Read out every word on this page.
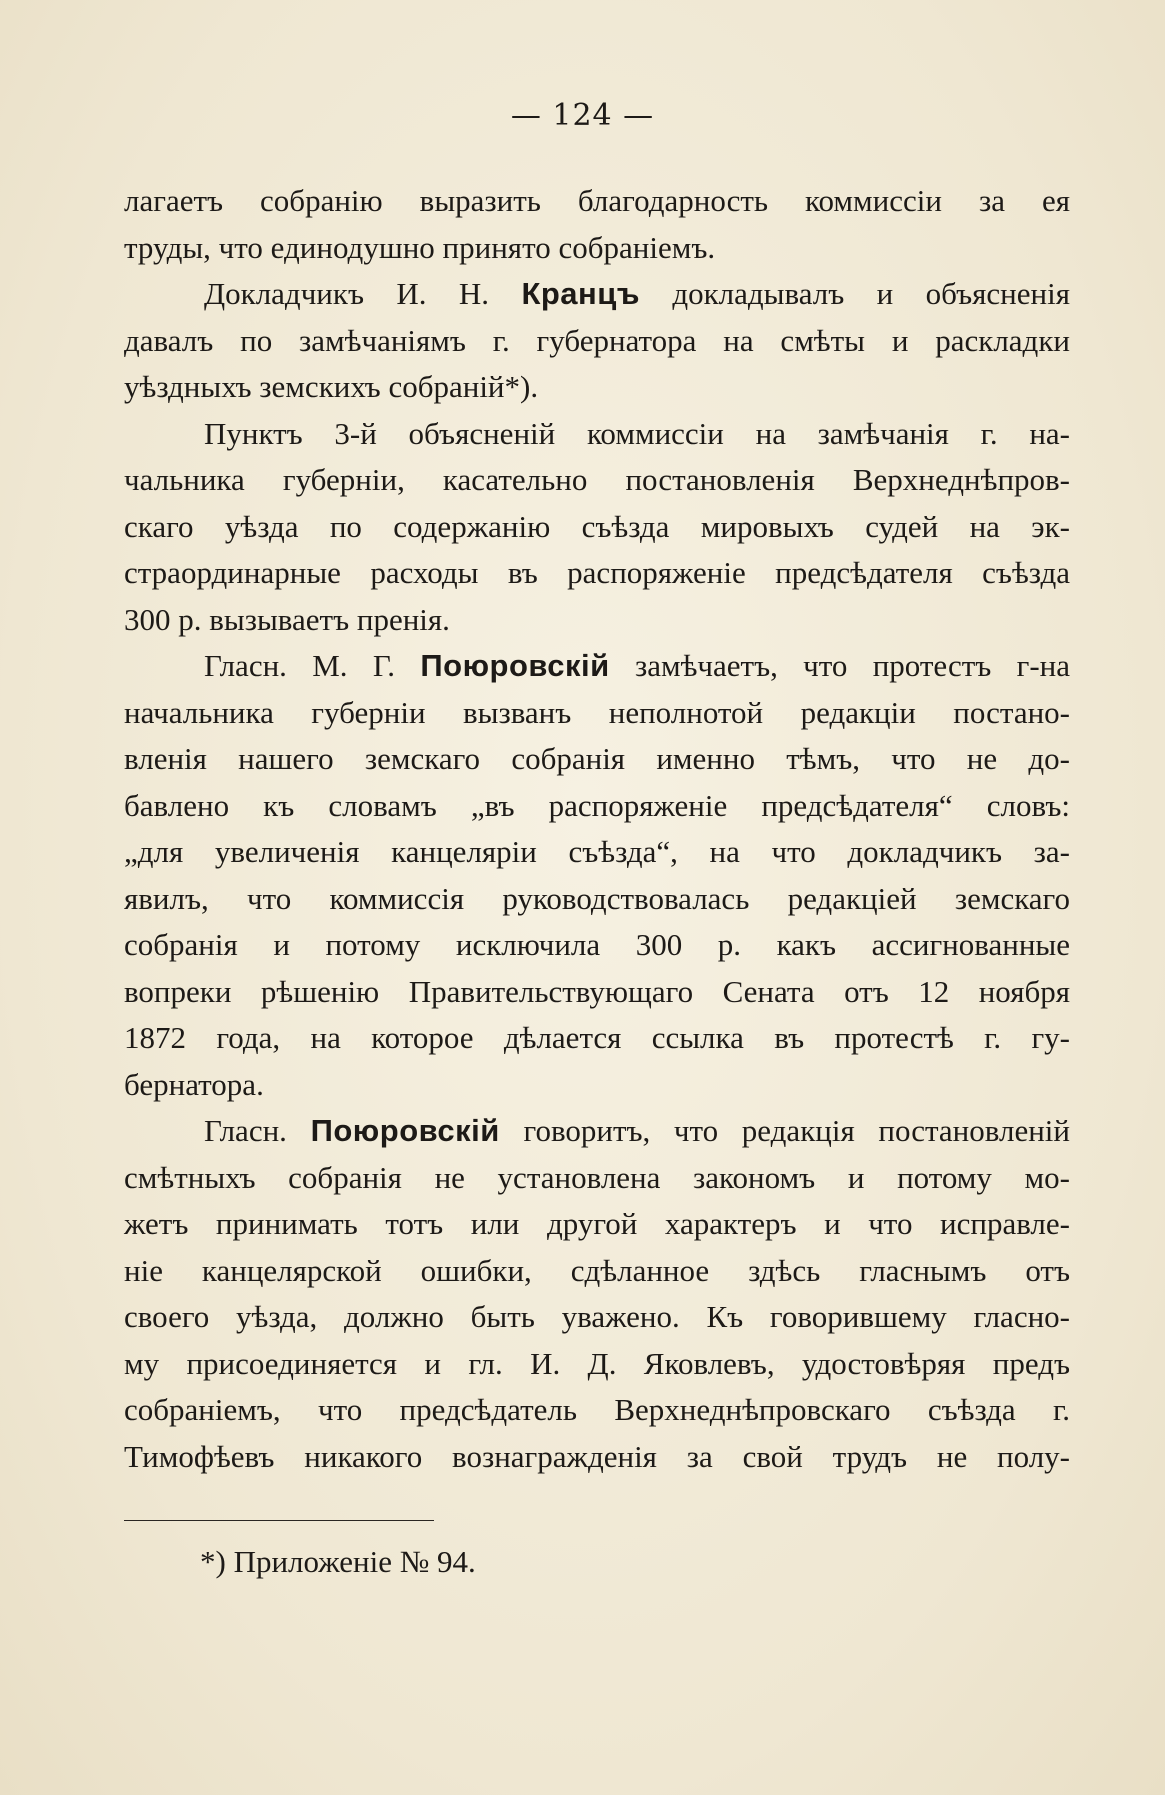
— 124 —
лагаетъ собранію выразить благодарность коммиссіи за ея
труды, что единодушно принято собраніемъ.
Докладчикъ И. Н. Кранцъ докладывалъ и объясненія
давалъ по замѣчаніямъ г. губернатора на смѣты и раскладки
уѣздныхъ земскихъ собраній*).
Пунктъ 3-й объясненій коммиссіи на замѣчанія г. на-
чальника губерніи, касательно постановленія Верхнеднѣпров-
скаго уѣзда по содержанію съѣзда мировыхъ судей на эк-
страординарные расходы въ распоряженіе предсѣдателя съѣзда
300 р. вызываетъ пренія.
Гласн. М. Г. Поюровскій замѣчаетъ, что протестъ г-на
начальника губерніи вызванъ неполнотой редакціи постано-
вленія нашего земскаго собранія именно тѣмъ, что не до-
бавлено къ словамъ „въ распоряженіе предсѣдателя“ словъ:
„для увеличенія канцеляріи съѣзда“, на что докладчикъ за-
явилъ, что коммиссія руководствовалась редакціей земскаго
собранія и потому исключила 300 р. какъ ассигнованные
вопреки рѣшенію Правительствующаго Сената отъ 12 ноября
1872 года, на которое дѣлается ссылка въ протестѣ г. гу-
бернатора.
Гласн. Поюровскій говоритъ, что редакція постановленій
смѣтныхъ собранія не установлена закономъ и потому мо-
жетъ принимать тотъ или другой характеръ и что исправле-
ніе канцелярской ошибки, сдѣланное здѣсь гласнымъ отъ
своего уѣзда, должно быть уважено. Къ говорившему гласно-
му присоединяется и гл. И. Д. Яковлевъ, удостовѣряя предъ
собраніемъ, что предсѣдатель Верхнеднѣпровскаго съѣзда г.
Тимофѣевъ никакого вознагражденія за свой трудъ не полу-
*) Приложеніе № 94.
